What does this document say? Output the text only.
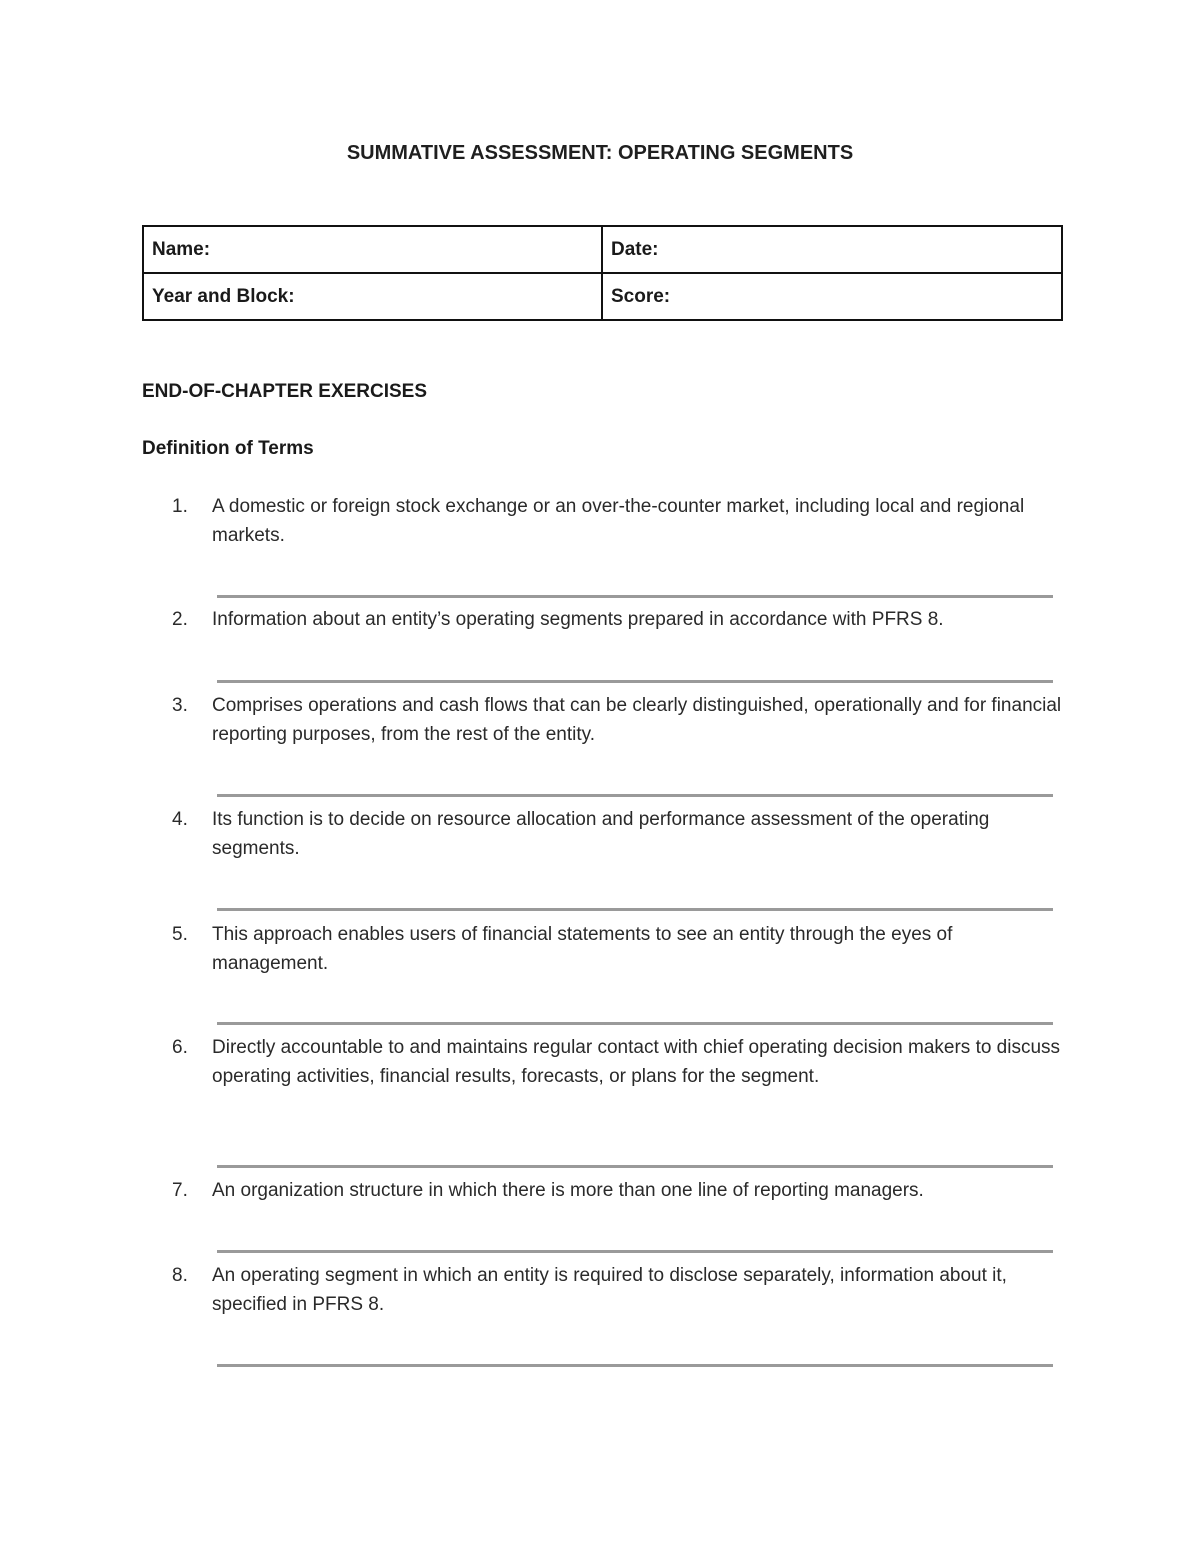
SUMMATIVE ASSESSMENT: OPERATING SEGMENTS
Name:	Date:
Year and Block:	Score:
END-OF-CHAPTER EXERCISES
Definition of Terms
1.	A domestic or foreign stock exchange or an over-the-counter market, including local and regional markets.
2.	Information about an entity’s operating segments prepared in accordance with PFRS 8.
3.	Comprises operations and cash flows that can be clearly distinguished, operationally and for financial reporting purposes, from the rest of the entity.
4.	Its function is to decide on resource allocation and performance assessment of the operating segments.
5.	This approach enables users of financial statements to see an entity through the eyes of management.
6.	Directly accountable to and maintains regular contact with chief operating decision makers to discuss operating activities, financial results, forecasts, or plans for the segment.
7.	An organization structure in which there is more than one line of reporting managers.
8.	An operating segment in which an entity is required to disclose separately, information about it, specified in PFRS 8.
